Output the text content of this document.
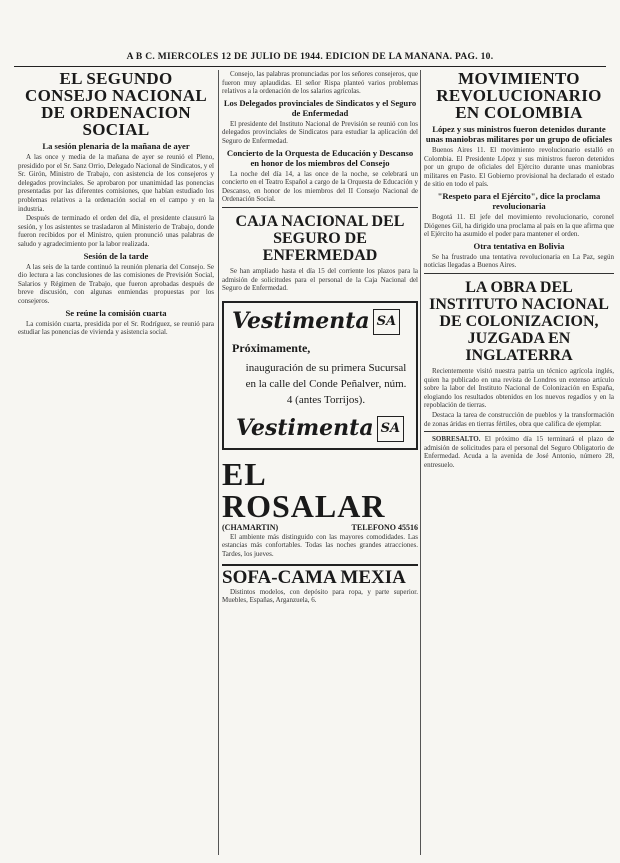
A B C. MIERCOLES 12 DE JULIO DE 1944. EDICION DE LA MAÑANA. PAG. 10.
EL SEGUNDO CONSEJO NACIONAL DE ORDENACION SOCIAL
La sesión plenaria de la mañana de ayer

A las once y media de la mañana de ayer se reunió el Pleno, presidido por el Sr. Sanz Orrio, Delegado Nacional de Sindicatos, y el Sr. Girón, Ministro de Trabajo, con asistencia de los consejeros y delegados provinciales. Se aprobaron por unanimidad las ponencias presentadas por las diferentes comisiones, que habían estudiado los problemas relativos a la ordenación social en el campo y en la industria.

Después de terminado el orden del día, el presidente clausuró la sesión, y los asistentes se trasladaron al Ministerio de Trabajo, donde fueron recibidos por el Ministro, quien pronunció unas palabras de saludo y agradecimiento por la labor realizada.

Sesión de la tarde

A las seis de la tarde continuó la reunión plenaria del Consejo. Se dio lectura a las conclusiones de las comisiones de Previsión Social, Salarios y Régimen de Trabajo, que fueron aprobadas después de breve discusión, con algunas enmiendas propuestas por los consejeros.

Se reúne la comisión cuarta

La comisión cuarta, presidida por el Sr. Rodríguez, se reunió para estudiar las ponencias de vivienda y asistencia social.

Consejo, las palabras pronunciadas por los señores consejeros, que fueron muy aplaudidas. El señor Rispa planteó varios problemas relativos a la ordenación de los salarios agrícolas.

Los Delegados provinciales de Sindicatos y el Seguro de Enfermedad

El presidente del Instituto Nacional de Previsión se reunió con los delegados provinciales de Sindicatos para estudiar la aplicación del Seguro de Enfermedad.

Concierto de la Orquesta de Educación y Descanso en honor de los miembros del Consejo

La noche del día 14, a las once de la noche, se celebrará un concierto en el Teatro Español a cargo de la Orquesta de Educación y Descanso, en honor de los miembros del II Consejo Nacional de Ordenación Social.

CAJA NACIONAL DEL SEGURO DE ENFERMEDAD

Se han ampliado hasta el día 15 del corriente los plazos para la admisión de solicitudes para el personal de la Caja Nacional del Seguro de Enfermedad.

Vestimenta SA
Próximamente,
inauguración de su primera Sucursal en la calle del Conde Peñalver, núm. 4 (antes Torrijos).
Vestimenta SA
EL ROSALAR
(CHAMARTIN)	TELEFONO 45516

El ambiente más distinguido con las mayores comodidades. Las estancias más confortables. Todas las noches grandes atracciones. Tardes, los jueves.

SOFA-CAMA MEXIA

Distintos modelos, con depósito para ropa, y parte superior. Muebles, Españas, Arganzuela, 6.

MOVIMIENTO REVOLUCIONARIO EN COLOMBIA
López y sus ministros fueron detenidos durante unas maniobras militares por un grupo de oficiales

Buenos Aires 11. El movimiento revolucionario estalló en Colombia. El Presidente López y sus ministros fueron detenidos por un grupo de oficiales del Ejército durante unas maniobras militares en Pasto. El Gobierno provisional ha declarado el estado de sitio en todo el país.

"Respeto para el Ejército", dice la proclama revolucionaria

Bogotá 11. El jefe del movimiento revolucionario, coronel Diógenes Gil, ha dirigido una proclama al país en la que afirma que el Ejército ha asumido el poder para mantener el orden.

Otra tentativa en Bolivia

Se ha frustrado una tentativa revolucionaria en La Paz, según noticias llegadas a Buenos Aires.

LA OBRA DEL INSTITUTO NACIONAL DE COLONIZACION, JUZGADA EN INGLATERRA

Recientemente visitó nuestra patria un técnico agrícola inglés, quien ha publicado en una revista de Londres un extenso artículo sobre la labor del Instituto Nacional de Colonización en España, elogiando los resultados obtenidos en los nuevos regadíos y en la repoblación de tierras.

Destaca la tarea de construcción de pueblos y la transformación de zonas áridas en tierras fértiles, obra que califica de ejemplar.

SOBRESALTO. El próximo día 15 terminará el plazo de admisión de solicitudes para el personal del Seguro Obligatorio de Enfermedad. Acuda a la avenida de José Antonio, número 28, entresuelo.
